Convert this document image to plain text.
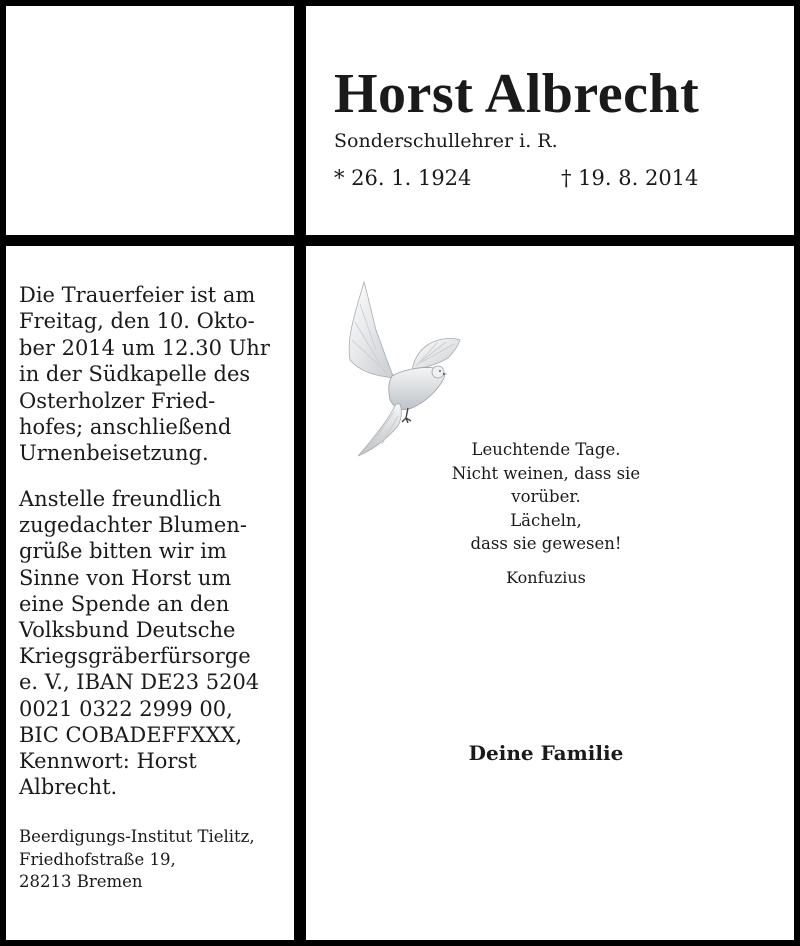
Horst Albrecht
Sonderschullehrer i. R.
* 26. 1. 1924	† 19. 8. 2014

Die Trauerfeier ist am
Freitag, den 10. Okto-
ber 2014 um 12.30 Uhr
in der Südkapelle des
Osterholzer Fried-
hofes; anschließend
Urnenbeisetzung.

Anstelle freundlich
zugedachter Blumen-
grüße bitten wir im
Sinne von Horst um
eine Spende an den
Volksbund Deutsche
Kriegsgräberfürsorge
e. V., IBAN DE23 5204
0021 0322 2999 00,
BIC COBADEFFXXX,
Kennwort: Horst
Albrecht.

Beerdigungs-Institut Tielitz,
Friedhofstraße 19,
28213 Bremen

Leuchtende Tage.
Nicht weinen, dass sie
vorüber.
Lächeln,
dass sie gewesen!
Konfuzius
Deine Familie
